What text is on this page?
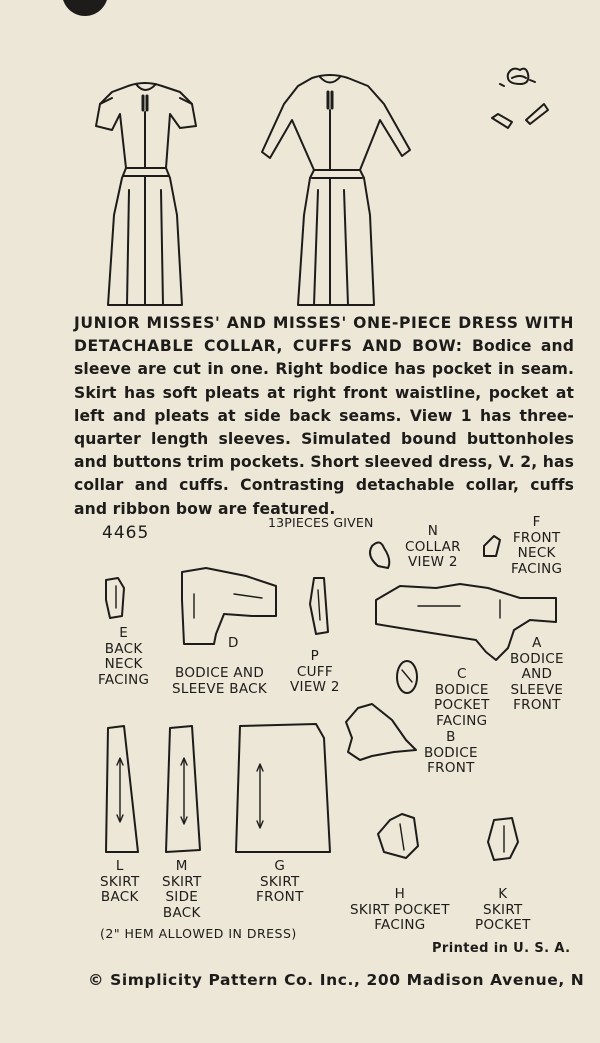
JUNIOR MISSES' AND MISSES' ONE-PIECE DRESS WITH DETACHABLE COLLAR, CUFFS AND BOW: Bodice and sleeve are cut in one. Right bodice has pocket in seam. Skirt has soft pleats at right front waistline, pocket at left and pleats at side back seams. View 1 has three-quarter length sleeves. Simulated bound buttonholes and buttons trim pockets. Short sleeved dress, V. 2, has collar and cuffs. Contrasting detachable collar, cuffs and ribbon bow are featured.
4465
13PIECES GIVEN
N
COLLAR
VIEW 2
F
FRONT
NECK
FACING
E
BACK
NECK
FACING
D
BODICE AND
SLEEVE BACK
P
CUFF
VIEW 2
A
BODICE
AND
SLEEVE
FRONT
C
BODICE
POCKET
FACING
B
BODICE
FRONT
L
SKIRT
BACK
M
SKIRT
SIDE
BACK
G
SKIRT
FRONT	H
SKIRT POCKET
FACING
K
SKIRT
POCKET
(2" HEM ALLOWED IN DRESS)
Printed in U. S. A.
© Simplicity Pattern Co. Inc., 200 Madison Avenue, N
